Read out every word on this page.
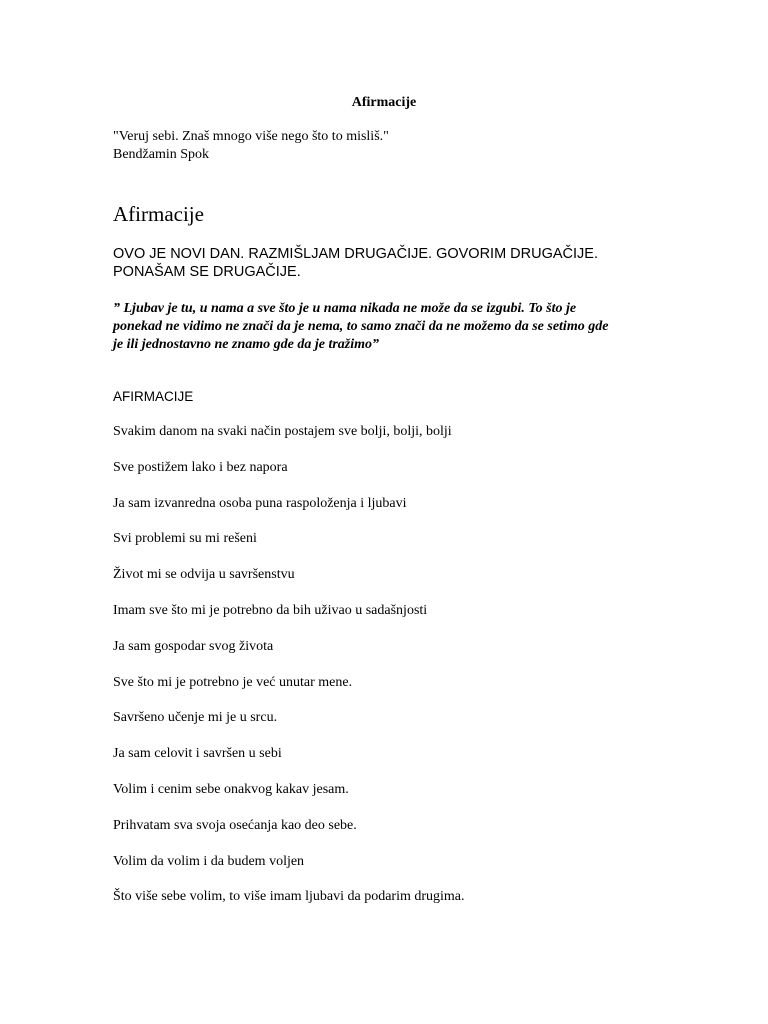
Afirmacije
"Veruj sebi. Znaš mnogo više nego što to misliš."
Bendžamin Spok
Afirmacije
OVO JE NOVI DAN. RAZMIŠLJAM DRUGAČIJE. GOVORIM DRUGAČIJE.
PONAŠAM SE DRUGAČIJE.
” Ljubav je tu, u nama a sve što je u nama nikada ne može da se izgubi. To što je
ponekad ne vidimo ne znači da je nema, to samo znači da ne možemo da se setimo gde
je ili jednostavno ne znamo gde da je tražimo”
AFIRMACIJE
Svakim danom na svaki način postajem sve bolji, bolji, bolji
Sve postižem lako i bez napora
Ja sam izvanredna osoba puna raspoloženja i ljubavi
Svi problemi su mi rešeni
Život mi se odvija u savršenstvu
Imam sve što mi je potrebno da bih uživao u sadašnjosti
Ja sam gospodar svog života
Sve što mi je potrebno je već unutar mene.
Savršeno učenje mi je u srcu.
Ja sam celovit i savršen u sebi
Volim i cenim sebe onakvog kakav jesam.
Prihvatam sva svoja osećanja kao deo sebe.
Volim da volim i da budem voljen
Što više sebe volim, to više imam ljubavi da podarim drugima.
